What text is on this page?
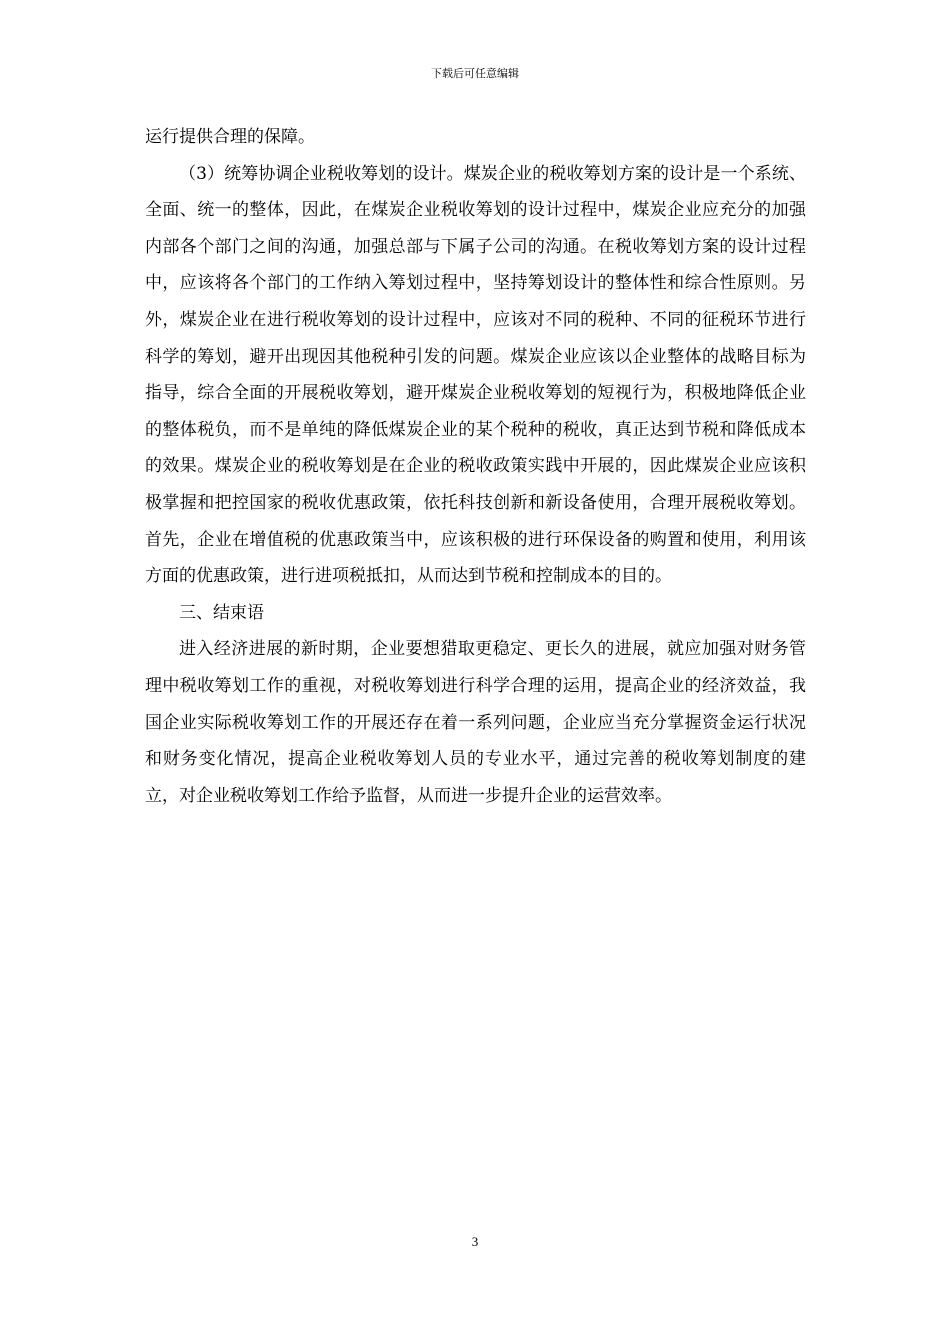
下载后可任意编辑

运行提供合理的保障。

（3）统筹协调企业税收筹划的设计。煤炭企业的税收筹划方案的设计是一个系统、全面、统一的整体，因此，在煤炭企业税收筹划的设计过程中，煤炭企业应充分的加强内部各个部门之间的沟通，加强总部与下属子公司的沟通。在税收筹划方案的设计过程中，应该将各个部门的工作纳入筹划过程中，坚持筹划设计的整体性和综合性原则。另外，煤炭企业在进行税收筹划的设计过程中，应该对不同的税种、不同的征税环节进行科学的筹划，避开出现因其他税种引发的问题。煤炭企业应该以企业整体的战略目标为指导，综合全面的开展税收筹划，避开煤炭企业税收筹划的短视行为，积极地降低企业的整体税负，而不是单纯的降低煤炭企业的某个税种的税收，真正达到节税和降低成本的效果。煤炭企业的税收筹划是在企业的税收政策实践中开展的，因此煤炭企业应该积极掌握和把控国家的税收优惠政策，依托科技创新和新设备使用，合理开展税收筹划。首先，企业在增值税的优惠政策当中，应该积极的进行环保设备的购置和使用，利用该方面的优惠政策，进行进项税抵扣，从而达到节税和控制成本的目的。

三、结束语

进入经济进展的新时期，企业要想猎取更稳定、更长久的进展，就应加强对财务管理中税收筹划工作的重视，对税收筹划进行科学合理的运用，提高企业的经济效益，我国企业实际税收筹划工作的开展还存在着一系列问题，企业应当充分掌握资金运行状况和财务变化情况，提高企业税收筹划人员的专业水平，通过完善的税收筹划制度的建立，对企业税收筹划工作给予监督，从而进一步提升企业的运营效率。

3
